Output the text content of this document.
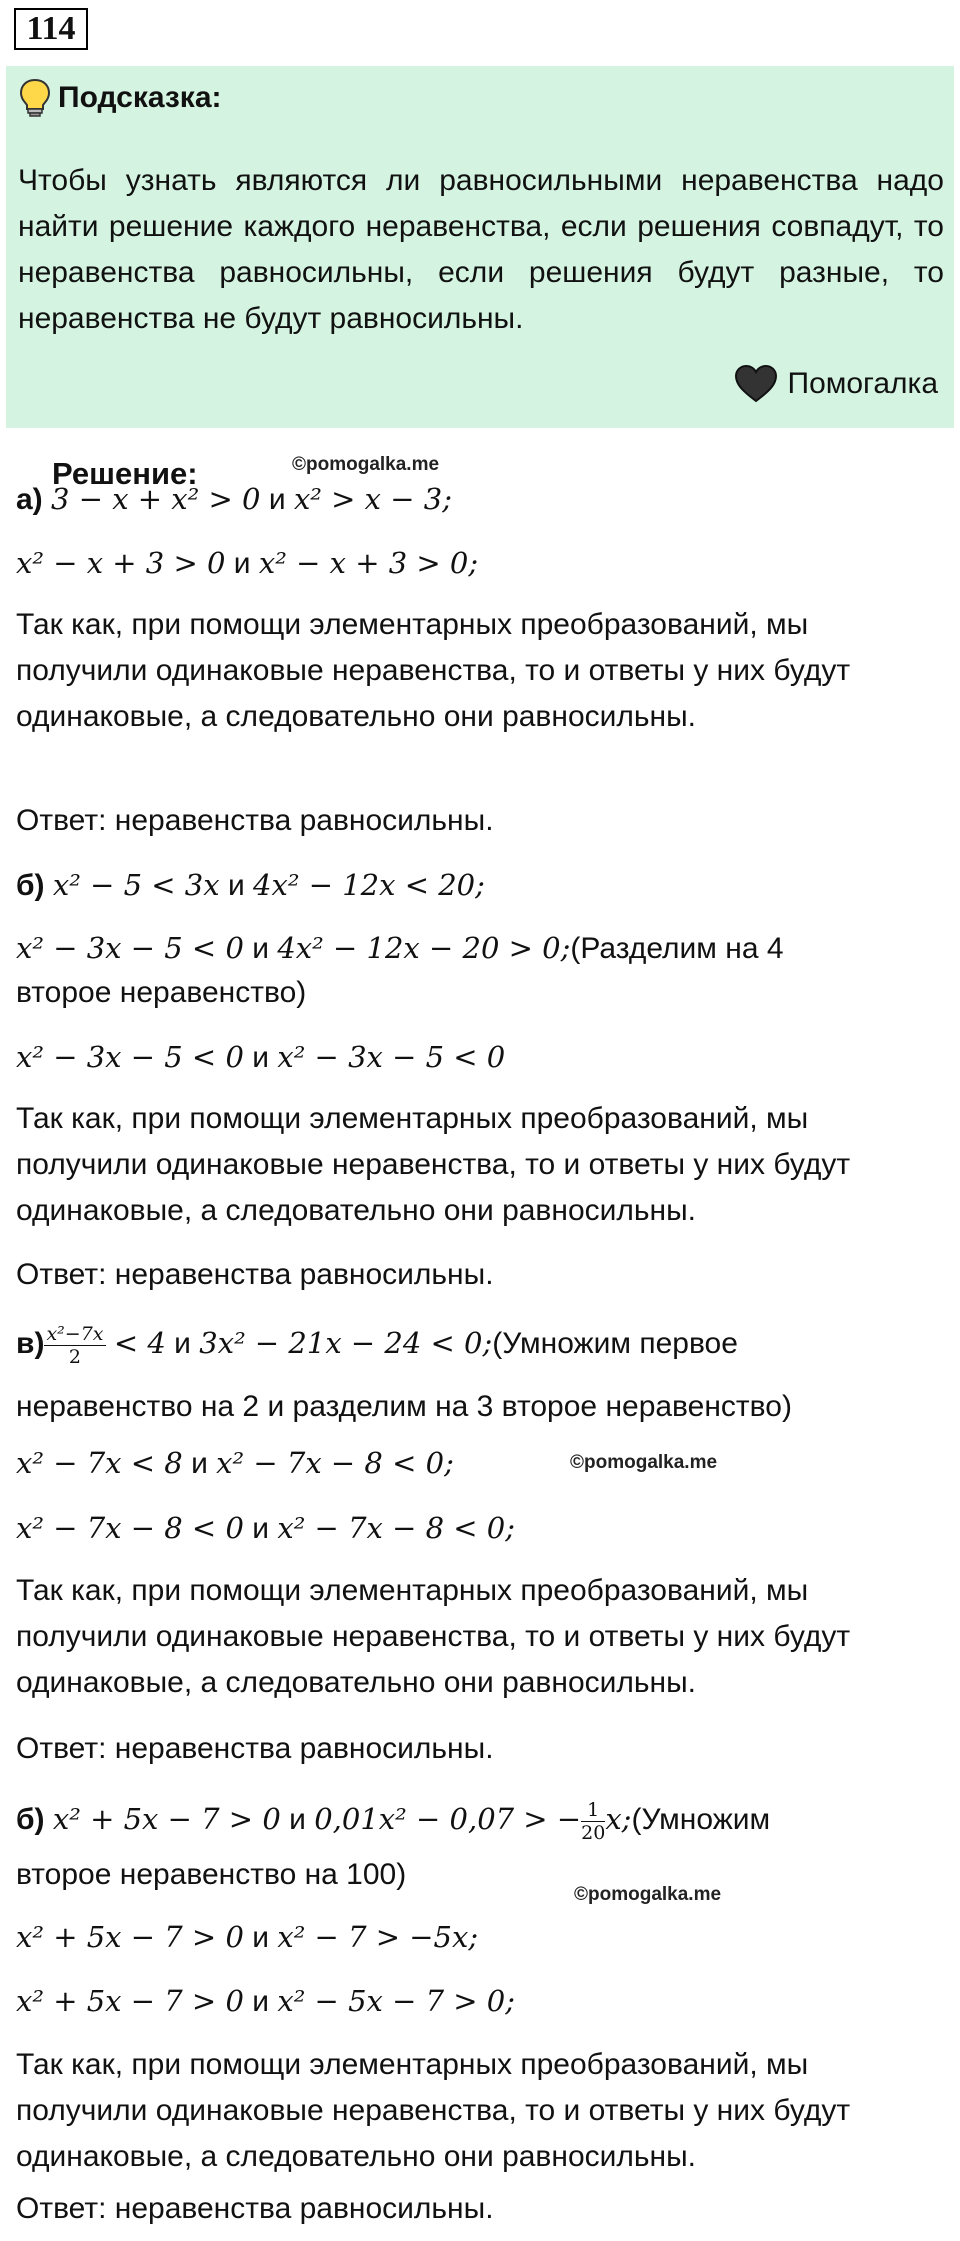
114
Подсказка:
Чтобы узнать являются ли равносильными неравенства надо найти решение каждого неравенства, если решения совпадут, то неравенства равносильны, если решения будут разные, то неравенства не будут равносильны.
Помогалка
Решение:	©pomogalka.me
а) 3 − x + x² > 0 и x² > x − 3;
x² − x + 3 > 0 и x² − x + 3 > 0;
Так как, при помощи элементарных преобразований, мы получили одинаковые неравенства, то и ответы у них будут одинаковые, а следовательно они равносильны.
Ответ: неравенства равносильны.
б) x² − 5 < 3x и 4x² − 12x < 20;
x² − 3x − 5 < 0 и 4x² − 12x − 20 > 0;(Разделим на 4
второе неравенство)
x² − 3x − 5 < 0 и x² − 3x − 5 < 0
Так как, при помощи элементарных преобразований, мы получили одинаковые неравенства, то и ответы у них будут одинаковые, а следовательно они равносильны.
Ответ: неравенства равносильны.
$в) \frac{\text{x²−7x}}{2} < 4$ и 3x² − 21x − 24 < 0;(Умножим первое
неравенство на 2 и разделим на 3 второе неравенство)
x² − 7x < 8 и x² − 7x − 8 < 0;	©pomogalka.me
x² − 7x − 8 < 0 и x² − 7x − 8 < 0;
Так как, при помощи элементарных преобразований, мы получили одинаковые неравенства, то и ответы у них будут одинаковые, а следовательно они равносильны.
Ответ: неравенства равносильны.
б) x² + 5x − 7 > 0 и 0,01x² − 0,07 > − $\frac{1}{20}$ x;(Умножим
второе неравенство на 100)
©pomogalka.me
x² + 5x − 7 > 0 и x² − 7 > −5x;
x² + 5x − 7 > 0 и x² − 5x − 7 > 0;
Так как, при помощи элементарных преобразований, мы получили одинаковые неравенства, то и ответы у них будут одинаковые, а следовательно они равносильны.
Ответ: неравенства равносильны.
